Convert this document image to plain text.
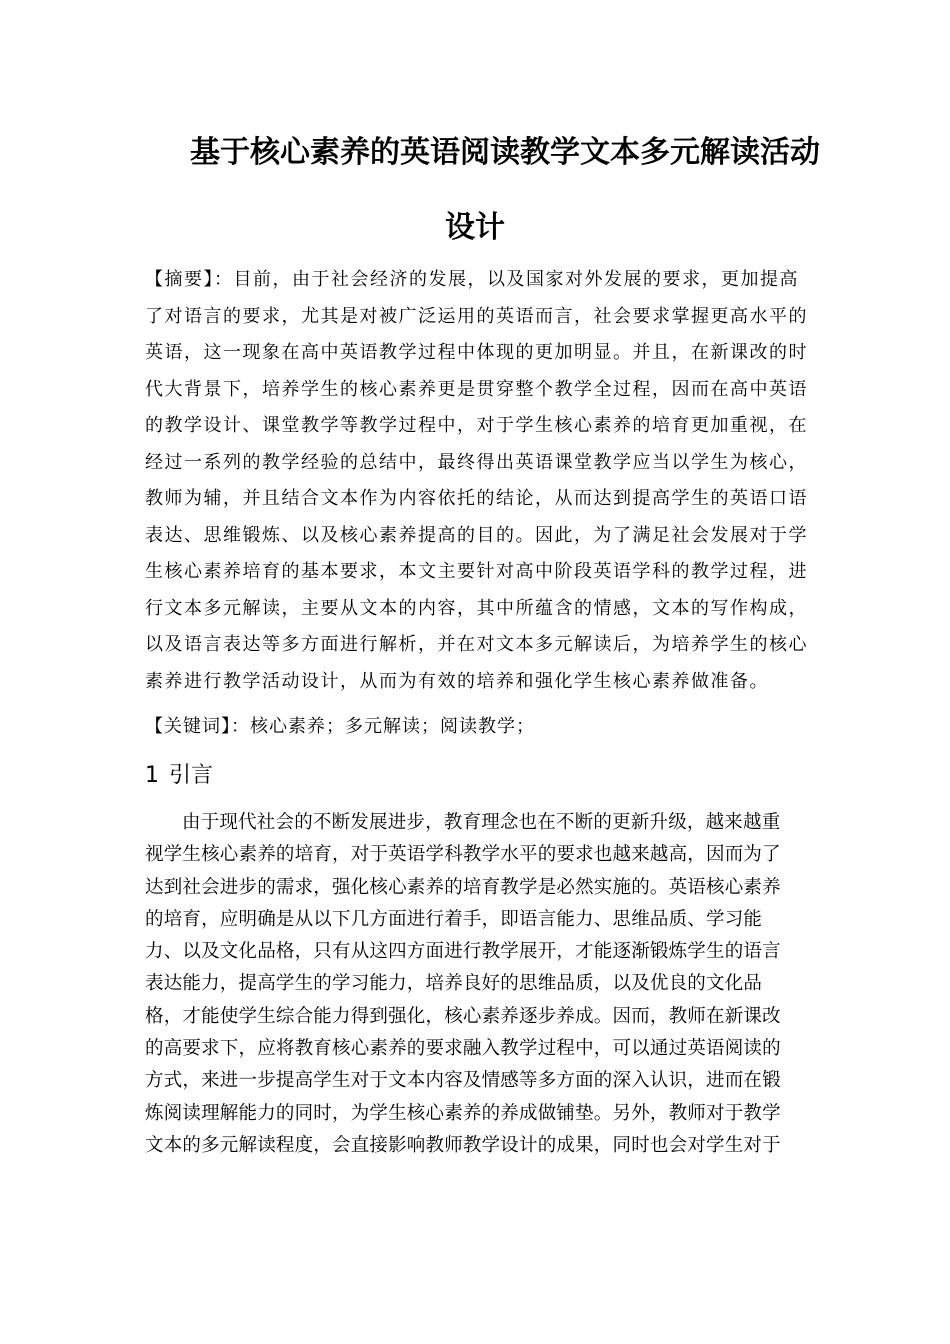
基于核心素养的英语阅读教学文本多元解读活动
设计
【摘要】：目前，由于社会经济的发展，以及国家对外发展的要求，更加提高
了对语言的要求，尤其是对被广泛运用的英语而言，社会要求掌握更高水平的
英语，这一现象在高中英语教学过程中体现的更加明显。并且，在新课改的时
代大背景下，培养学生的核心素养更是贯穿整个教学全过程，因而在高中英语
的教学设计、课堂教学等教学过程中，对于学生核心素养的培育更加重视，在
经过一系列的教学经验的总结中，最终得出英语课堂教学应当以学生为核心，
教师为辅，并且结合文本作为内容依托的结论，从而达到提高学生的英语口语
表达、思维锻炼、以及核心素养提高的目的。因此，为了满足社会发展对于学
生核心素养培育的基本要求，本文主要针对高中阶段英语学科的教学过程，进
行文本多元解读，主要从文本的内容，其中所蕴含的情感，文本的写作构成，
以及语言表达等多方面进行解析，并在对文本多元解读后，为培养学生的核心
素养进行教学活动设计，从而为有效的培养和强化学生核心素养做准备。
【关键词】：核心素养；多元解读；阅读教学；
1 引言
由于现代社会的不断发展进步，教育理念也在不断的更新升级，越来越重
视学生核心素养的培育，对于英语学科教学水平的要求也越来越高，因而为了
达到社会进步的需求，强化核心素养的培育教学是必然实施的。英语核心素养
的培育，应明确是从以下几方面进行着手，即语言能力、思维品质、学习能
力、以及文化品格，只有从这四方面进行教学展开，才能逐渐锻炼学生的语言
表达能力，提高学生的学习能力，培养良好的思维品质，以及优良的文化品
格，才能使学生综合能力得到强化，核心素养逐步养成。因而，教师在新课改
的高要求下，应将教育核心素养的要求融入教学过程中，可以通过英语阅读的
方式，来进一步提高学生对于文本内容及情感等多方面的深入认识，进而在锻
炼阅读理解能力的同时，为学生核心素养的养成做铺垫。另外，教师对于教学
文本的多元解读程度，会直接影响教师教学设计的成果，同时也会对学生对于
